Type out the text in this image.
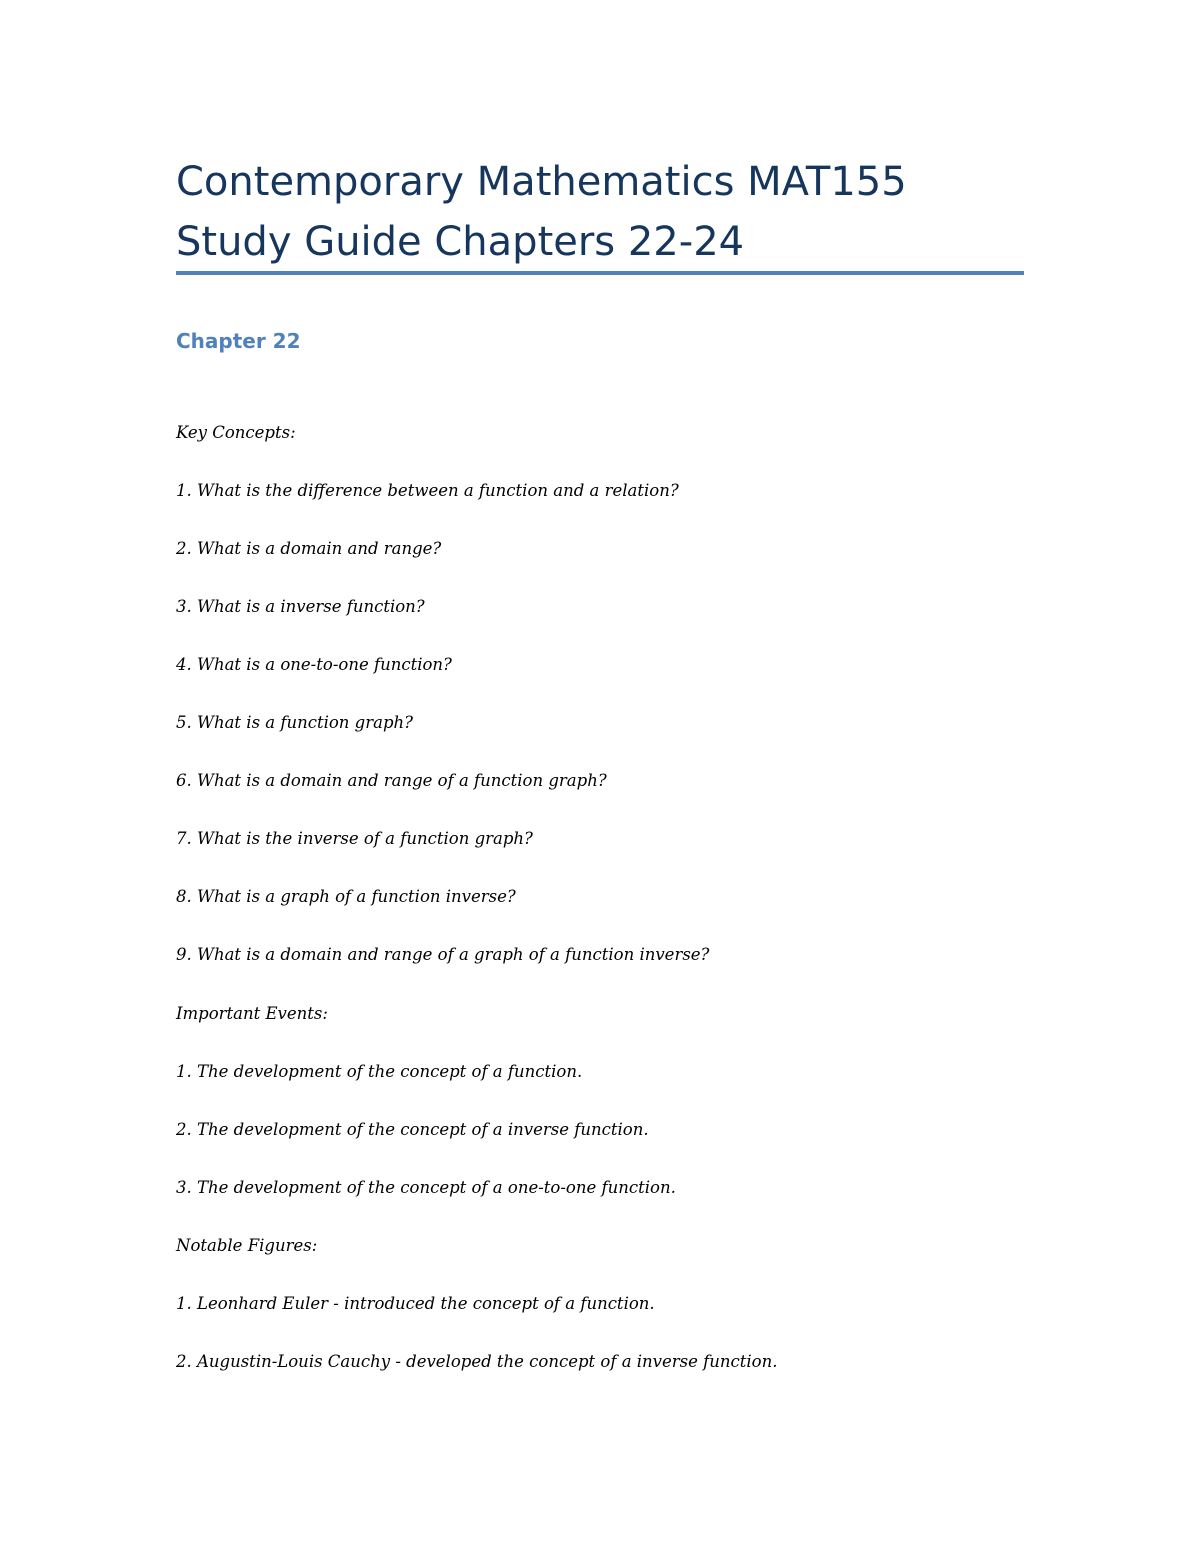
Contemporary Mathematics MAT155
Study Guide Chapters 22-24
Chapter 22
Key Concepts:
1. What is the difference between a function and a relation?
2. What is a domain and range?
3. What is a inverse function?
4. What is a one-to-one function?
5. What is a function graph?
6. What is a domain and range of a function graph?
7. What is the inverse of a function graph?
8. What is a graph of a function inverse?
9. What is a domain and range of a graph of a function inverse?
Important Events:
1. The development of the concept of a function.
2. The development of the concept of a inverse function.
3. The development of the concept of a one-to-one function.
Notable Figures:
1. Leonhard Euler - introduced the concept of a function.
2. Augustin-Louis Cauchy - developed the concept of a inverse function.
